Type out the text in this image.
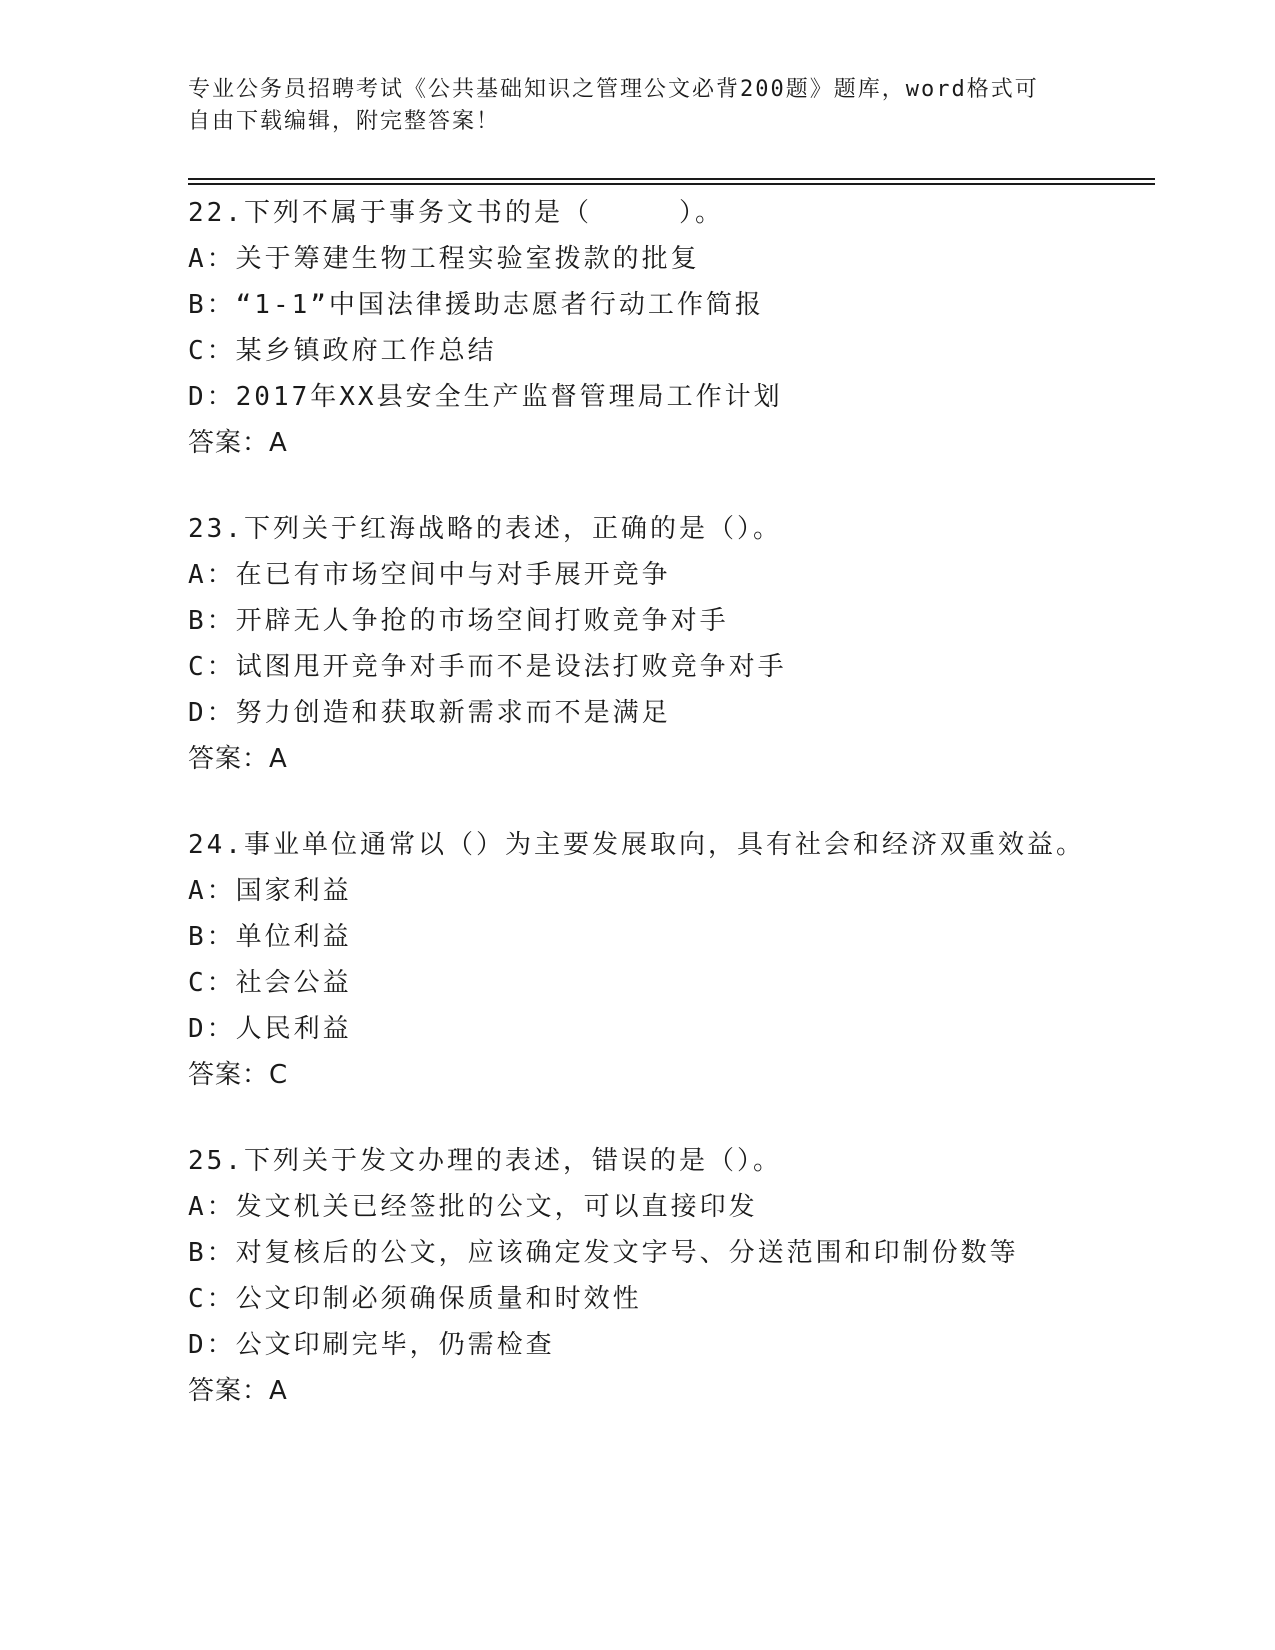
专业公务员招聘考试《公共基础知识之管理公文必背200题》题库，word格式可
自由下载编辑，附完整答案！
22.下列不属于事务文书的是（　　　）。
A：关于筹建生物工程实验室拨款的批复
B：“1-1”中国法律援助志愿者行动工作简报
C：某乡镇政府工作总结
D：2017年XX县安全生产监督管理局工作计划
答案：A
23.下列关于红海战略的表述，正确的是（）。
A：在已有市场空间中与对手展开竞争
B：开辟无人争抢的市场空间打败竞争对手
C：试图甩开竞争对手而不是设法打败竞争对手
D：努力创造和获取新需求而不是满足
答案：A
24.事业单位通常以（）为主要发展取向，具有社会和经济双重效益。
A：国家利益
B：单位利益
C：社会公益
D：人民利益
答案：C
25.下列关于发文办理的表述，错误的是（）。
A：发文机关已经签批的公文，可以直接印发
B：对复核后的公文，应该确定发文字号、分送范围和印制份数等
C：公文印制必须确保质量和时效性
D：公文印刷完毕，仍需检查
答案：A
